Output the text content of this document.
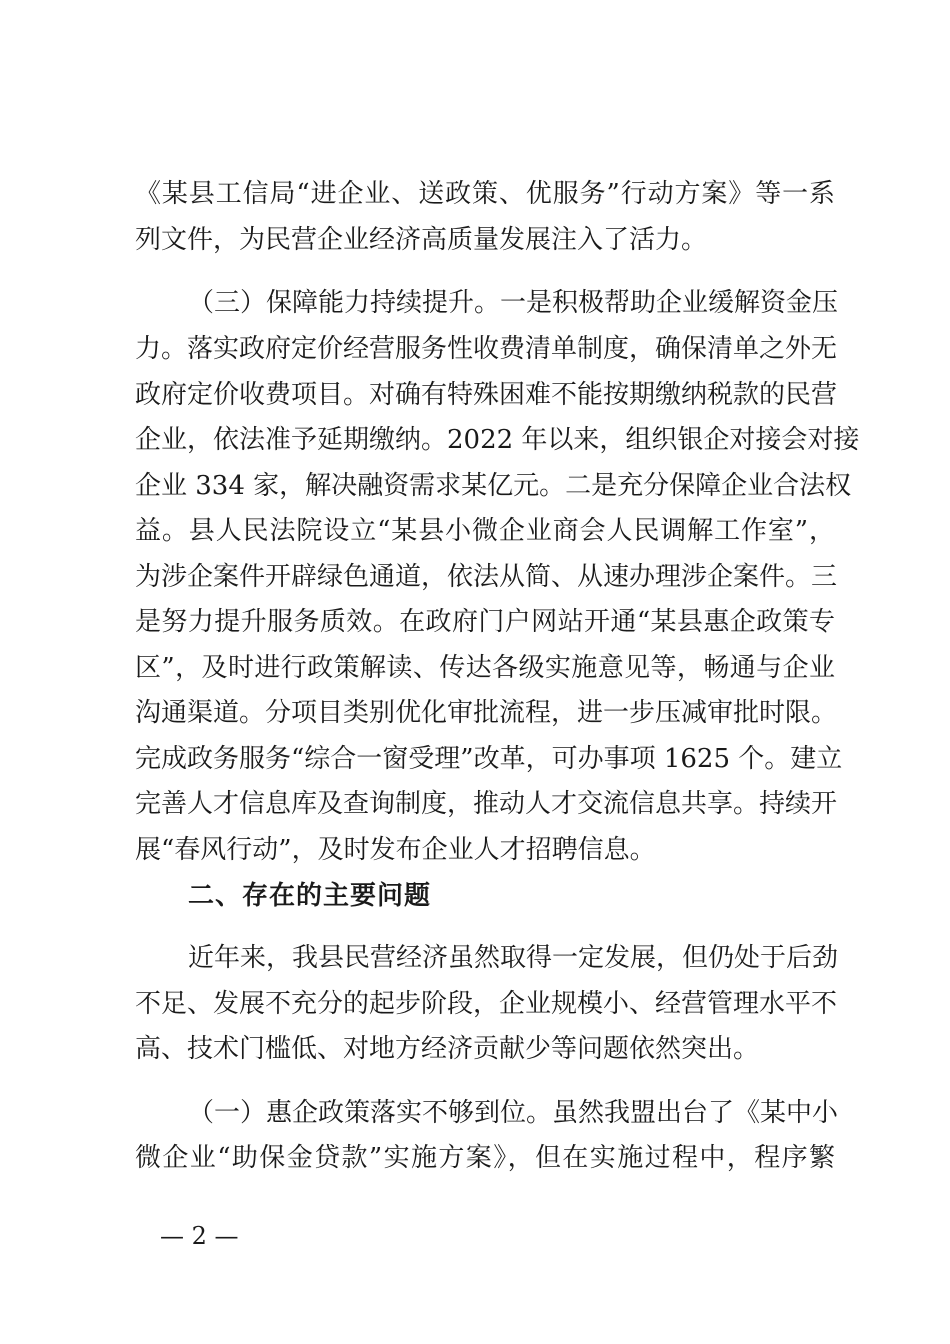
《某县工信局“进企业、送政策、优服务”行动方案》等一系
列文件，为民营企业经济高质量发展注入了活力。
（三）保障能力持续提升。一是积极帮助企业缓解资金压
力。落实政府定价经营服务性收费清单制度，确保清单之外无
政府定价收费项目。对确有特殊困难不能按期缴纳税款的民营
企业，依法准予延期缴纳。2022 年以来，组织银企对接会对接
企业 334 家，解决融资需求某亿元。二是充分保障企业合法权
益。县人民法院设立“某县小微企业商会人民调解工作室”，
为涉企案件开辟绿色通道，依法从简、从速办理涉企案件。三
是努力提升服务质效。在政府门户网站开通“某县惠企政策专
区”，及时进行政策解读、传达各级实施意见等，畅通与企业
沟通渠道。分项目类别优化审批流程，进一步压减审批时限。
完成政务服务“综合一窗受理”改革，可办事项 1625 个。建立
完善人才信息库及查询制度，推动人才交流信息共享。持续开
展“春风行动”，及时发布企业人才招聘信息。
二、存在的主要问题
近年来，我县民营经济虽然取得一定发展，但仍处于后劲
不足、发展不充分的起步阶段，企业规模小、经营管理水平不
高、技术门槛低、对地方经济贡献少等问题依然突出。
（一）惠企政策落实不够到位。虽然我盟出台了《某中小
微企业“助保金贷款”实施方案》，但在实施过程中，程序繁
— 2 —
